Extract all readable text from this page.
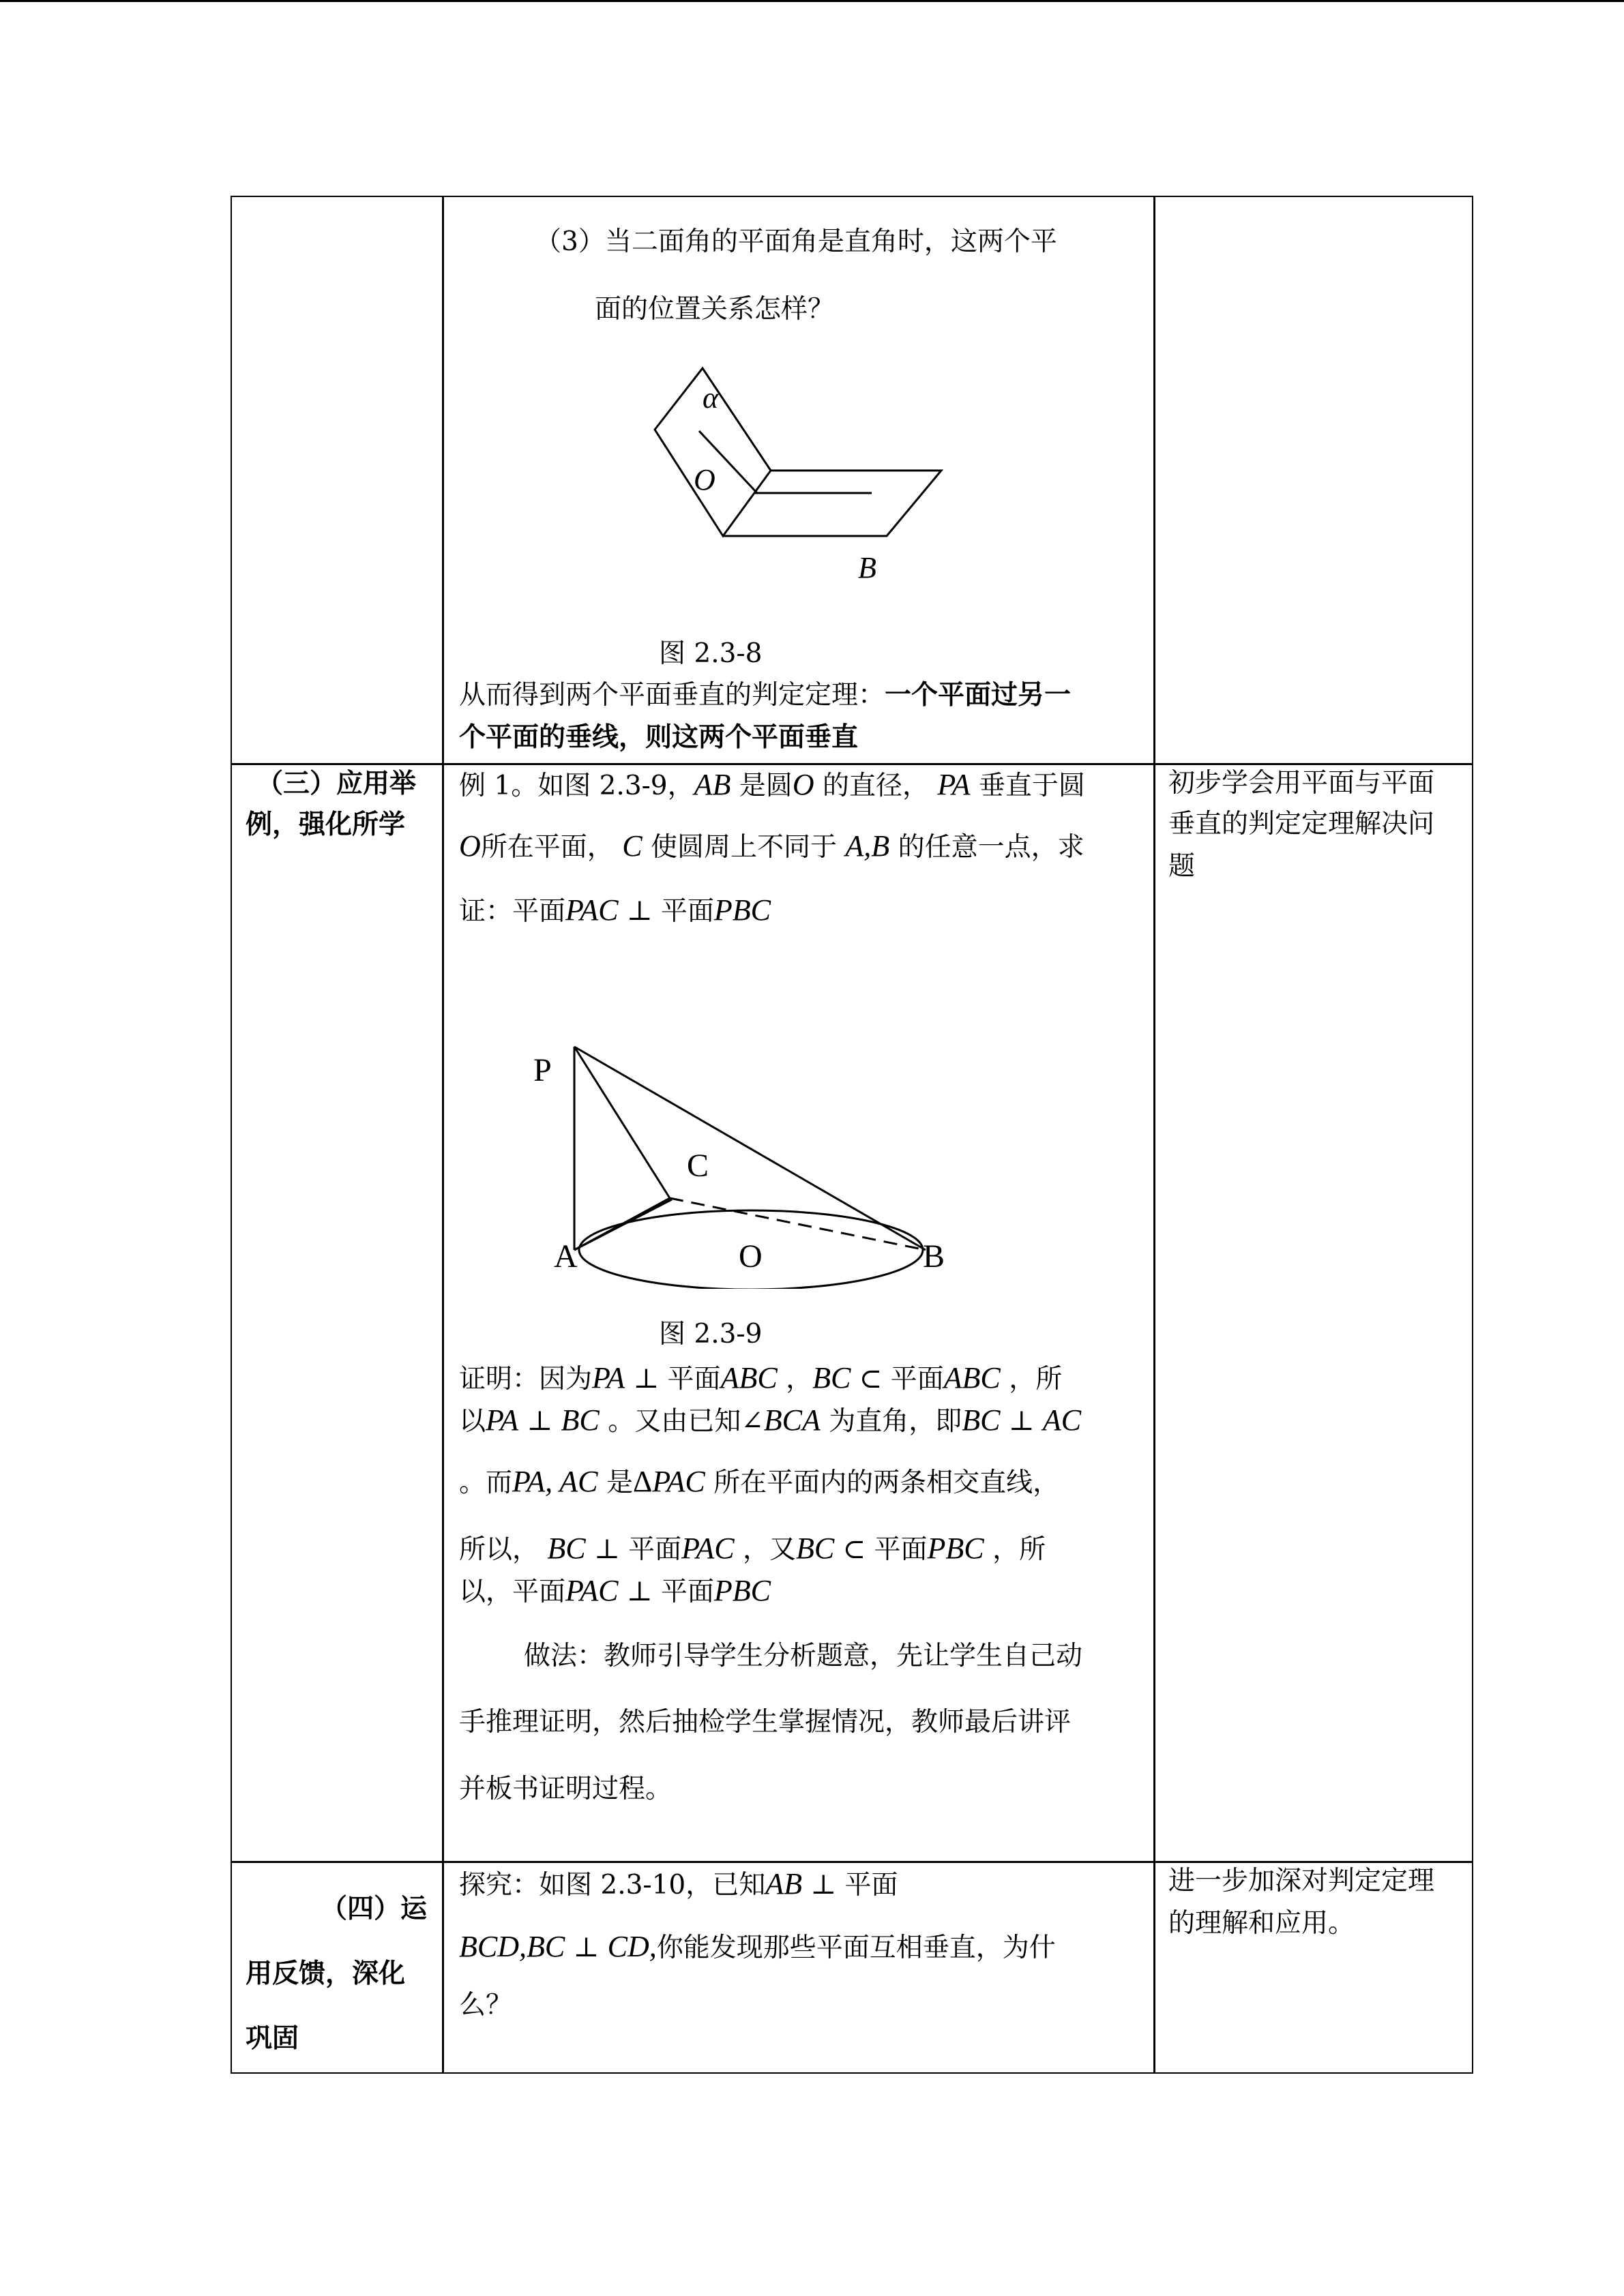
（3）当二面角的平面角是直角时，这两个平
面的位置关系怎样？
α
O
B
图 2.3-8
从而得到两个平面垂直的判定定理：一个平面过另一
个平面的垂线，则这两个平面垂直
（三）应用举
例，强化所学
初步学会用平面与平面
垂直的判定定理解决问
题
例 1。如图 2.3-9，AB 是圆O 的直径， PA 垂直于圆
O所在平面， C 使圆周上不同于 A,B 的任意一点，求
证：平面PAC ⊥ 平面PBC
P
C
A	O	B
图 2.3-9
证明：因为PA ⊥ 平面ABC ，BC ⊂ 平面ABC ，所
以PA ⊥ BC 。又由已知∠BCA 为直角，即BC ⊥ AC
。而PA, AC 是ΔPAC 所在平面内的两条相交直线，
所以， BC ⊥ 平面PAC ，又BC ⊂ 平面PBC ，所
以，平面PAC ⊥ 平面PBC
做法：教师引导学生分析题意，先让学生自己动
手推理证明，然后抽检学生掌握情况，教师最后讲评
并板书证明过程。
（四）运
用反馈，深化
巩固
探究：如图 2.3-10，已知AB ⊥ 平面
BCD,BC ⊥ CD,你能发现那些平面互相垂直，为什
么？
进一步加深对判定定理
的理解和应用。
